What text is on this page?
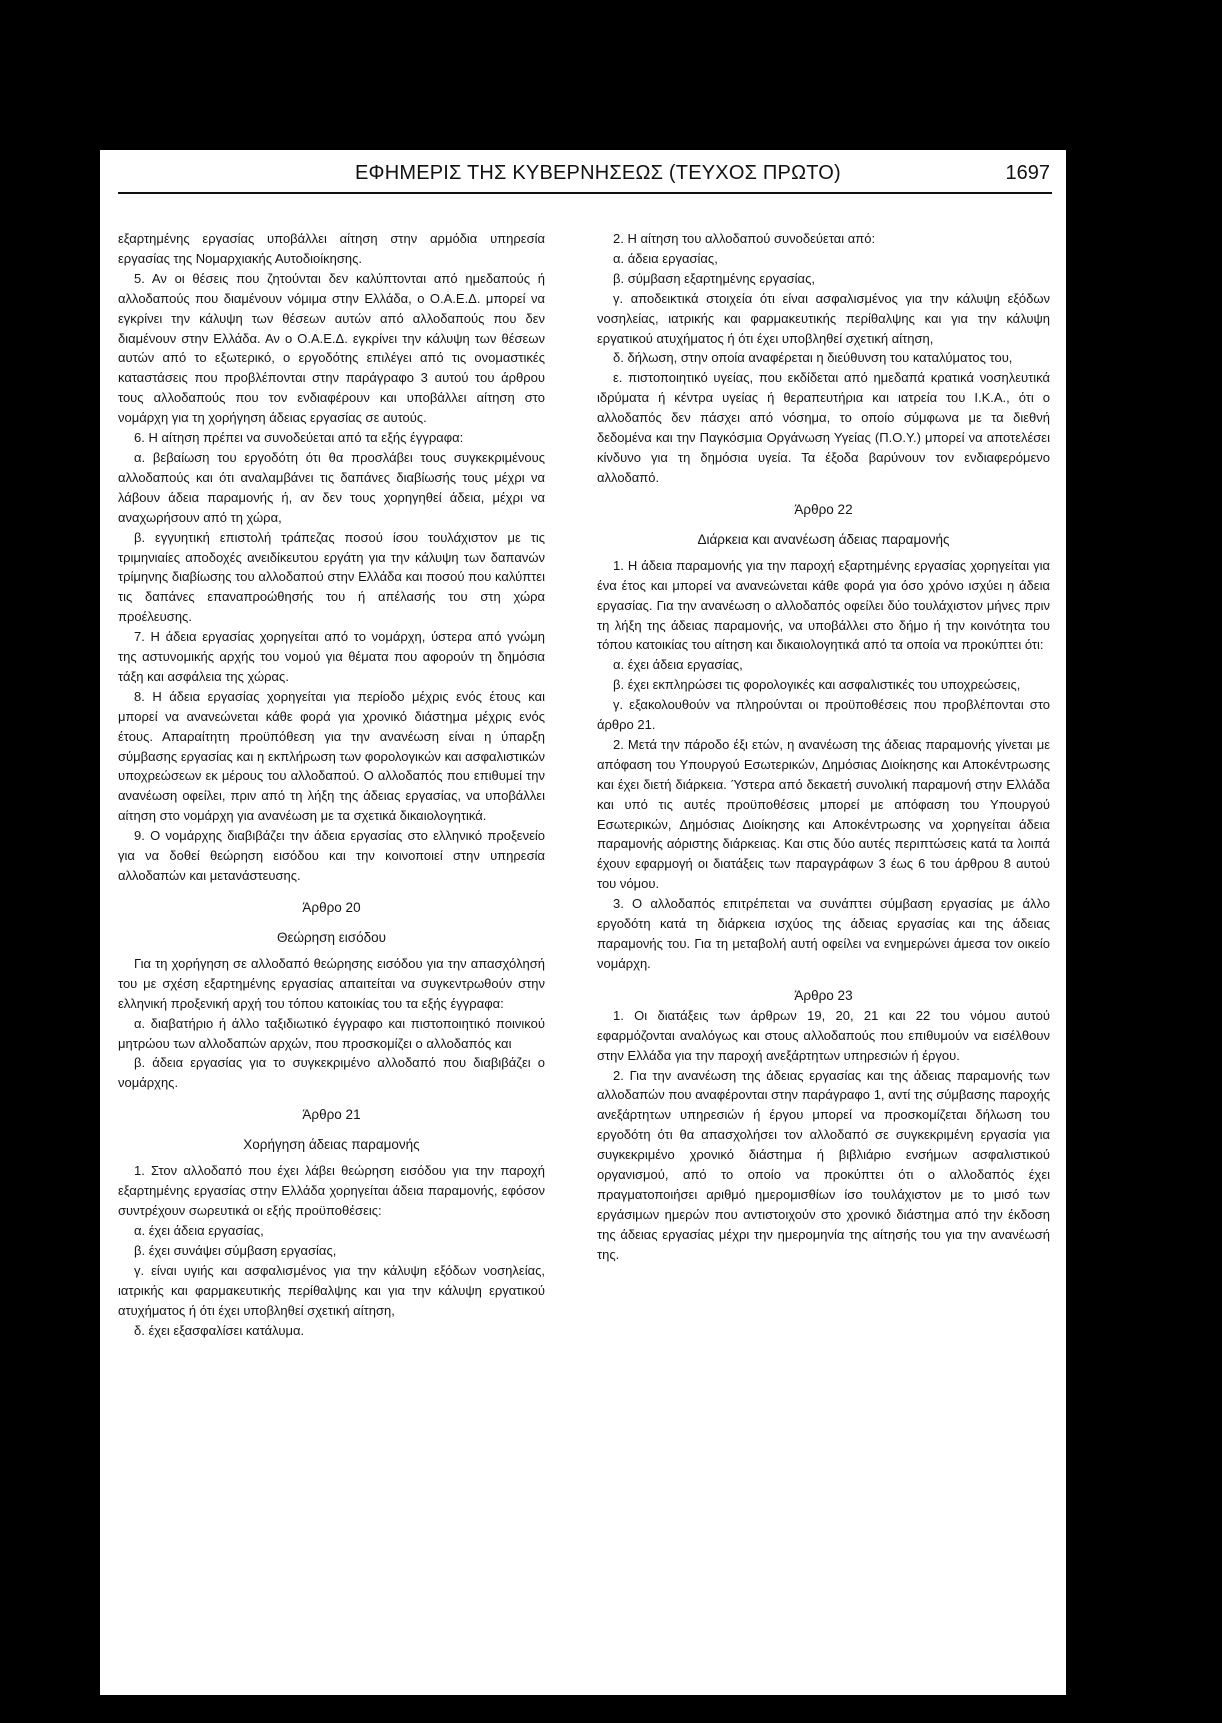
ΕΦΗΜΕΡΙΣ ΤΗΣ ΚΥΒΕΡΝΗΣΕΩΣ (ΤΕΥΧΟΣ ΠΡΩΤΟ)	1697

εξαρτημένης εργασίας υποβάλλει αίτηση στην αρμόδια υπηρεσία εργασίας της Νομαρχιακής Αυτοδιοίκησης.

5. Αν οι θέσεις που ζητούνται δεν καλύπτονται από ημεδαπούς ή αλλοδαπούς που διαμένουν νόμιμα στην Ελλάδα, ο Ο.Α.Ε.Δ. μπορεί να εγκρίνει την κάλυψη των θέσεων αυτών από αλλοδαπούς που δεν διαμένουν στην Ελλάδα. Αν ο Ο.Α.Ε.Δ. εγκρίνει την κάλυψη των θέσεων αυτών από το εξωτερικό, ο εργοδότης επιλέγει από τις ονομαστικές καταστάσεις που προβλέπονται στην παράγραφο 3 αυτού του άρθρου τους αλλοδαπούς που τον ενδιαφέρουν και υποβάλλει αίτηση στο νομάρχη για τη χορήγηση άδειας εργασίας σε αυτούς.

6. Η αίτηση πρέπει να συνοδεύεται από τα εξής έγγραφα:

α. βεβαίωση του εργοδότη ότι θα προσλάβει τους συγκεκριμένους αλλοδαπούς και ότι αναλαμβάνει τις δαπάνες διαβίωσής τους μέχρι να λάβουν άδεια παραμονής ή, αν δεν τους χορηγηθεί άδεια, μέχρι να αναχωρήσουν από τη χώρα,

β. εγγυητική επιστολή τράπεζας ποσού ίσου τουλάχιστον με τις τριμηνιαίες αποδοχές ανειδίκευτου εργάτη για την κάλυψη των δαπανών τρίμηνης διαβίωσης του αλλοδαπού στην Ελλάδα και ποσού που καλύπτει τις δαπάνες επαναπροώθησής του ή απέλασής του στη χώρα προέλευσης.

7. Η άδεια εργασίας χορηγείται από το νομάρχη, ύστερα από γνώμη της αστυνομικής αρχής του νομού για θέματα που αφορούν τη δημόσια τάξη και ασφάλεια της χώρας.

8. Η άδεια εργασίας χορηγείται για περίοδο μέχρις ενός έτους και μπορεί να ανανεώνεται κάθε φορά για χρονικό διάστημα μέχρις ενός έτους. Απαραίτητη προϋπόθεση για την ανανέωση είναι η ύπαρξη σύμβασης εργασίας και η εκπλήρωση των φορολογικών και ασφαλιστικών υποχρεώσεων εκ μέρους του αλλοδαπού. Ο αλλοδαπός που επιθυμεί την ανανέωση οφείλει, πριν από τη λήξη της άδειας εργασίας, να υποβάλλει αίτηση στο νομάρχη για ανανέωση με τα σχετικά δικαιολογητικά.

9. Ο νομάρχης διαβιβάζει την άδεια εργασίας στο ελληνικό προξενείο για να δοθεί θεώρηση εισόδου και την κοινοποιεί στην υπηρεσία αλλοδαπών και μετανάστευσης.

Άρθρο 20
Θεώρηση εισόδου

Για τη χορήγηση σε αλλοδαπό θεώρησης εισόδου για την απασχόλησή του με σχέση εξαρτημένης εργασίας απαιτείται να συγκεντρωθούν στην ελληνική προξενική αρχή του τόπου κατοικίας του τα εξής έγγραφα:

α. διαβατήριο ή άλλο ταξιδιωτικό έγγραφο και πιστοποιητικό ποινικού μητρώου των αλλοδαπών αρχών, που προσκομίζει ο αλλοδαπός και

β. άδεια εργασίας για το συγκεκριμένο αλλοδαπό που διαβιβάζει ο νομάρχης.

Άρθρο 21
Χορήγηση άδειας παραμονής

1. Στον αλλοδαπό που έχει λάβει θεώρηση εισόδου για την παροχή εξαρτημένης εργασίας στην Ελλάδα χορηγείται άδεια παραμονής, εφόσον συντρέχουν σωρευτικά οι εξής προϋποθέσεις:

α. έχει άδεια εργασίας,

β. έχει συνάψει σύμβαση εργασίας,

γ. είναι υγιής και ασφαλισμένος για την κάλυψη εξόδων νοσηλείας, ιατρικής και φαρμακευτικής περίθαλψης και για την κάλυψη εργατικού ατυχήματος ή ότι έχει υποβληθεί σχετική αίτηση,

δ. έχει εξασφαλίσει κατάλυμα.

2. Η αίτηση του αλλοδαπού συνοδεύεται από:

α. άδεια εργασίας,

β. σύμβαση εξαρτημένης εργασίας,

γ. αποδεικτικά στοιχεία ότι είναι ασφαλισμένος για την κάλυψη εξόδων νοσηλείας, ιατρικής και φαρμακευτικής περίθαλψης και για την κάλυψη εργατικού ατυχήματος ή ότι έχει υποβληθεί σχετική αίτηση,

δ. δήλωση, στην οποία αναφέρεται η διεύθυνση του καταλύματος του,

ε. πιστοποιητικό υγείας, που εκδίδεται από ημεδαπά κρατικά νοσηλευτικά ιδρύματα ή κέντρα υγείας ή θεραπευτήρια και ιατρεία του Ι.Κ.Α., ότι ο αλλοδαπός δεν πάσχει από νόσημα, το οποίο σύμφωνα με τα διεθνή δεδομένα και την Παγκόσμια Οργάνωση Υγείας (Π.Ο.Υ.) μπορεί να αποτελέσει κίνδυνο για τη δημόσια υγεία. Τα έξοδα βαρύνουν τον ενδιαφερόμενο αλλοδαπό.

Άρθρο 22
Διάρκεια και ανανέωση άδειας παραμονής

1. Η άδεια παραμονής για την παροχή εξαρτημένης εργασίας χορηγείται για ένα έτος και μπορεί να ανανεώνεται κάθε φορά για όσο χρόνο ισχύει η άδεια εργασίας. Για την ανανέωση ο αλλοδαπός οφείλει δύο τουλάχιστον μήνες πριν τη λήξη της άδειας παραμονής, να υποβάλλει στο δήμο ή την κοινότητα του τόπου κατοικίας του αίτηση και δικαιολογητικά από τα οποία να προκύπτει ότι:

α. έχει άδεια εργασίας,

β. έχει εκπληρώσει τις φορολογικές και ασφαλιστικές του υποχρεώσεις,

γ. εξακολουθούν να πληρούνται οι προϋποθέσεις που προβλέπονται στο άρθρο 21.

2. Μετά την πάροδο έξι ετών, η ανανέωση της άδειας παραμονής γίνεται με απόφαση του Υπουργού Εσωτερικών, Δημόσιας Διοίκησης και Αποκέντρωσης και έχει διετή διάρκεια. Ύστερα από δεκαετή συνολική παραμονή στην Ελλάδα και υπό τις αυτές προϋποθέσεις μπορεί με απόφαση του Υπουργού Εσωτερικών, Δημόσιας Διοίκησης και Αποκέντρωσης να χορηγείται άδεια παραμονής αόριστης διάρκειας. Και στις δύο αυτές περιπτώσεις κατά τα λοιπά έχουν εφαρμογή οι διατάξεις των παραγράφων 3 έως 6 του άρθρου 8 αυτού του νόμου.

3. Ο αλλοδαπός επιτρέπεται να συνάπτει σύμβαση εργασίας με άλλο εργοδότη κατά τη διάρκεια ισχύος της άδειας εργασίας και της άδειας παραμονής του. Για τη μεταβολή αυτή οφείλει να ενημερώνει άμεσα τον οικείο νομάρχη.

Άρθρο 23

1. Οι διατάξεις των άρθρων 19, 20, 21 και 22 του νόμου αυτού εφαρμόζονται αναλόγως και στους αλλοδαπούς που επιθυμούν να εισέλθουν στην Ελλάδα για την παροχή ανεξάρτητων υπηρεσιών ή έργου.

2. Για την ανανέωση της άδειας εργασίας και της άδειας παραμονής των αλλοδαπών που αναφέρονται στην παράγραφο 1, αντί της σύμβασης παροχής ανεξάρτητων υπηρεσιών ή έργου μπορεί να προσκομίζεται δήλωση του εργοδότη ότι θα απασχολήσει τον αλλοδαπό σε συγκεκριμένη εργασία για συγκεκριμένο χρονικό διάστημα ή βιβλιάριο ενσήμων ασφαλιστικού οργανισμού, από το οποίο να προκύπτει ότι ο αλλοδαπός έχει πραγματοποιήσει αριθμό ημερομισθίων ίσο τουλάχιστον με το μισό των εργάσιμων ημερών που αντιστοιχούν στο χρονικό διάστημα από την έκδοση της άδειας εργασίας μέχρι την ημερομηνία της αίτησής του για την ανανέωσή της.
